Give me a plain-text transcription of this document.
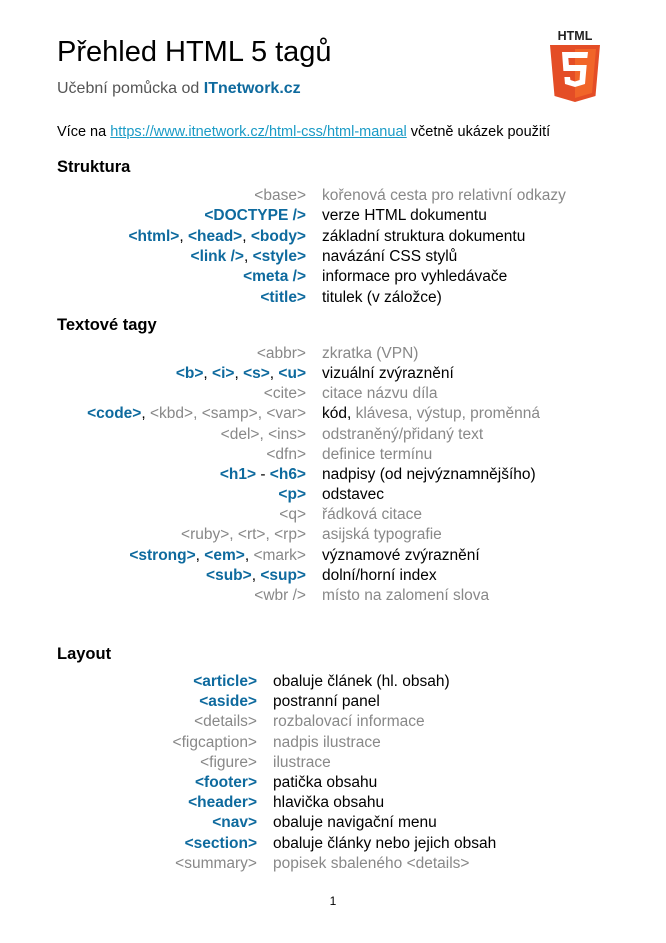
Přehled HTML 5 tagů
Učební pomůcka od ITnetwork.cz
HTML
Více na https://www.itnetwork.cz/html-css/html-manual včetně ukázek použití
Struktura
<base> kořenová cesta pro relativní odkazy
<DOCTYPE /> verze HTML dokumentu
<html>, <head>, <body> základní struktura dokumentu
<link />, <style> navázání CSS stylů
<meta /> informace pro vyhledávače
<title> titulek (v záložce)
Textové tagy
<abbr> zkratka (VPN)
<b>, <i>, <s>, <u> vizuální zvýraznění
<cite> citace názvu díla
<code>, <kbd>, <samp>, <var> kód, klávesa, výstup, proměnná
<del>, <ins> odstraněný/přidaný text
<dfn> definice termínu
<h1> - <h6> nadpisy (od nejvýznamnějšího)
<p> odstavec
<q> řádková citace
<ruby>, <rt>, <rp> asijská typografie
<strong>, <em>, <mark> významové zvýraznění
<sub>, <sup> dolní/horní index
<wbr /> místo na zalomení slova
Layout
<article> obaluje článek (hl. obsah)
<aside> postranní panel
<details> rozbalovací informace
<figcaption> nadpis ilustrace
<figure> ilustrace
<footer> patička obsahu
<header> hlavička obsahu
<nav> obaluje navigační menu
<section> obaluje články nebo jejich obsah
<summary> popisek sbaleného <details>
1
